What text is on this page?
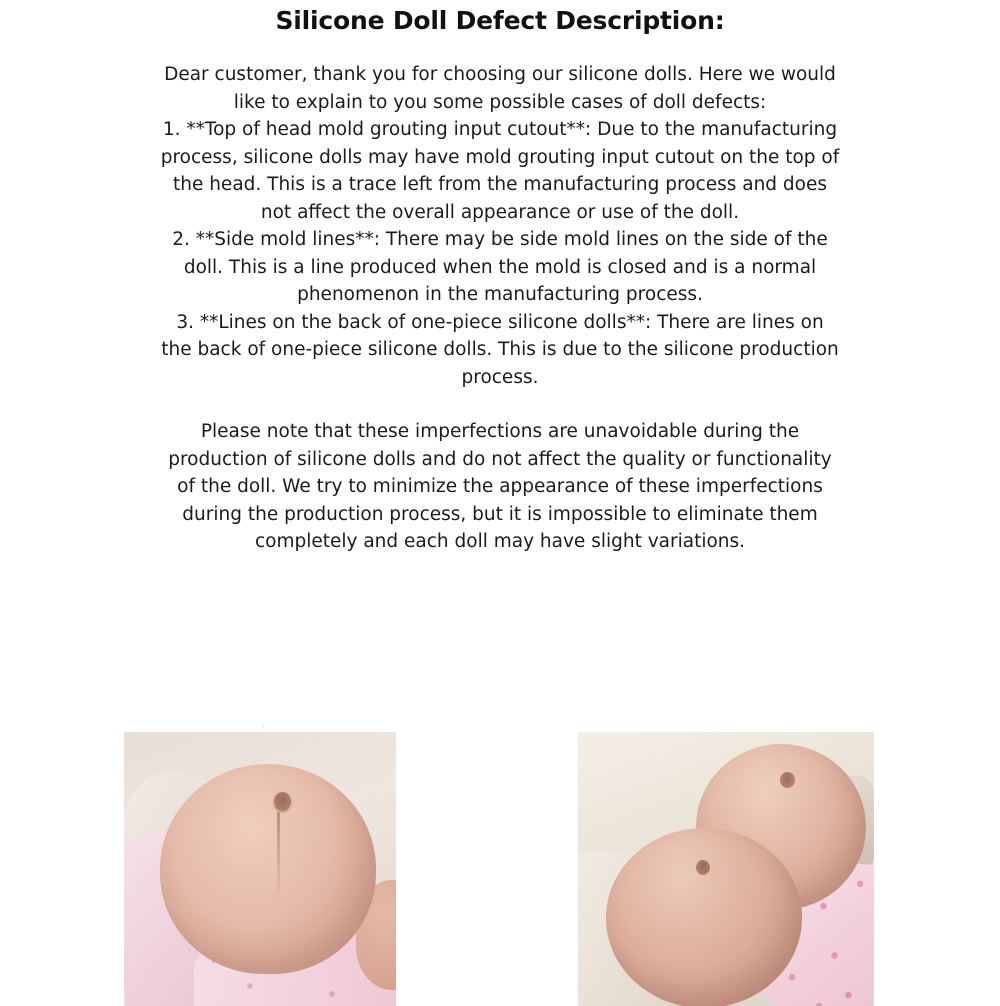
Silicone Doll Defect Description:

Dear customer, thank you for choosing our silicone dolls. Here we would like to explain to you some possible cases of doll defects:

1. **Top of head mold grouting input cutout**: Due to the manufacturing process, silicone dolls may have mold grouting input cutout on the top of the head. This is a trace left from the manufacturing process and does not affect the overall appearance or use of the doll.

2. **Side mold lines**: There may be side mold lines on the side of the doll. This is a line produced when the mold is closed and is a normal phenomenon in the manufacturing process.

3. **Lines on the back of one-piece silicone dolls**: There are lines on the back of one-piece silicone dolls. This is due to the silicone production process.

Please note that these imperfections are unavoidable during the production of silicone dolls and do not affect the quality or functionality of the doll. We try to minimize the appearance of these imperfections during the production process, but it is impossible to eliminate them completely and each doll may have slight variations.

.
